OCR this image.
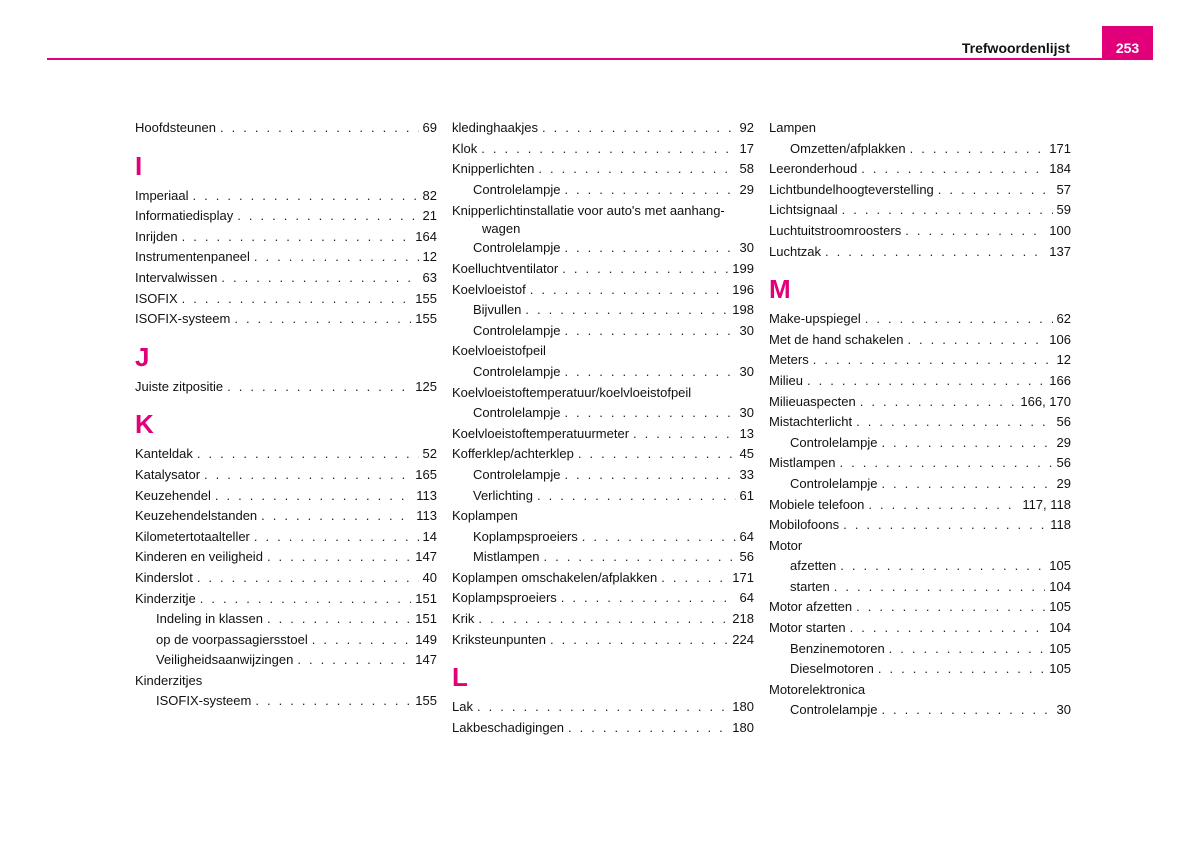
Trefwoordenlijst	253
Hoofdsteunen . . .	69
I
Imperiaal . . .	82
Informatiedisplay . . .	21
Inrijden . . .	164
Instrumentenpaneel . . .	12
Intervalwissen . . .	63
ISOFIX . . .	155
ISOFIX-systeem . . .	155
J
Juiste zitpositie . . .	125
K
Kanteldak . . .	52
Katalysator . . .	165
Keuzehendel . . .	113
Keuzehendelstanden . . .	113
Kilometertotaalteller . . .	14
Kinderen en veiligheid . . .	147
Kinderslot . . .	40
Kinderzitje . . .	151
Indeling in klassen . . .	151
op de voorpassagiersstoel . . .	149
Veiligheidsaanwijzingen . . .	147
Kinderzitjes
ISOFIX-systeem . . .	155
kledinghaakjes . . .	92
Klok . . .	17
Knipperlichten . . .	58
Controlelampje . . .	29
Knipperlichtinstallatie voor auto's met aanhang-
wagen
Controlelampje . . .	30
Koelluchtventilator . . .	199
Koelvloeistof . . .	196
Bijvullen . . .	198
Controlelampje . . .	30
Koelvloeistofpeil
Controlelampje . . .	30
Koelvloeistoftemperatuur/koelvloeistofpeil
Controlelampje . . .	30
Koelvloeistoftemperatuurmeter . . .	13
Kofferklep/achterklep . . .	45
Controlelampje . . .	33
Verlichting . . .	61
Koplampen
Koplampsproeiers . . .	64
Mistlampen . . .	56
Koplampen omschakelen/afplakken . . .	171
Koplampsproeiers . . .	64
Krik . . .	218
Kriksteunpunten . . .	224
L
Lak . . .	180
Lakbeschadigingen . . .	180
Lampen
Omzetten/afplakken . . .	171
Leeronderhoud . . .	184
Lichtbundelhoogteverstelling . . .	57
Lichtsignaal . . .	59
Luchtuitstroomroosters . . .	100
Luchtzak . . .	137
M
Make-upspiegel . . .	62
Met de hand schakelen . . .	106
Meters . . .	12
Milieu . . .	166
Milieuaspecten . . .	166, 170
Mistachterlicht . . .	56
Controlelampje . . .	29
Mistlampen . . .	56
Controlelampje . . .	29
Mobiele telefoon . . .	117, 118
Mobilofoons . . .	118
Motor
afzetten . . .	105
starten . . .	104
Motor afzetten . . .	105
Motor starten . . .	104
Benzinemotoren . . .	105
Dieselmotoren . . .	105
Motorelektronica
Controlelampje . . .	30
